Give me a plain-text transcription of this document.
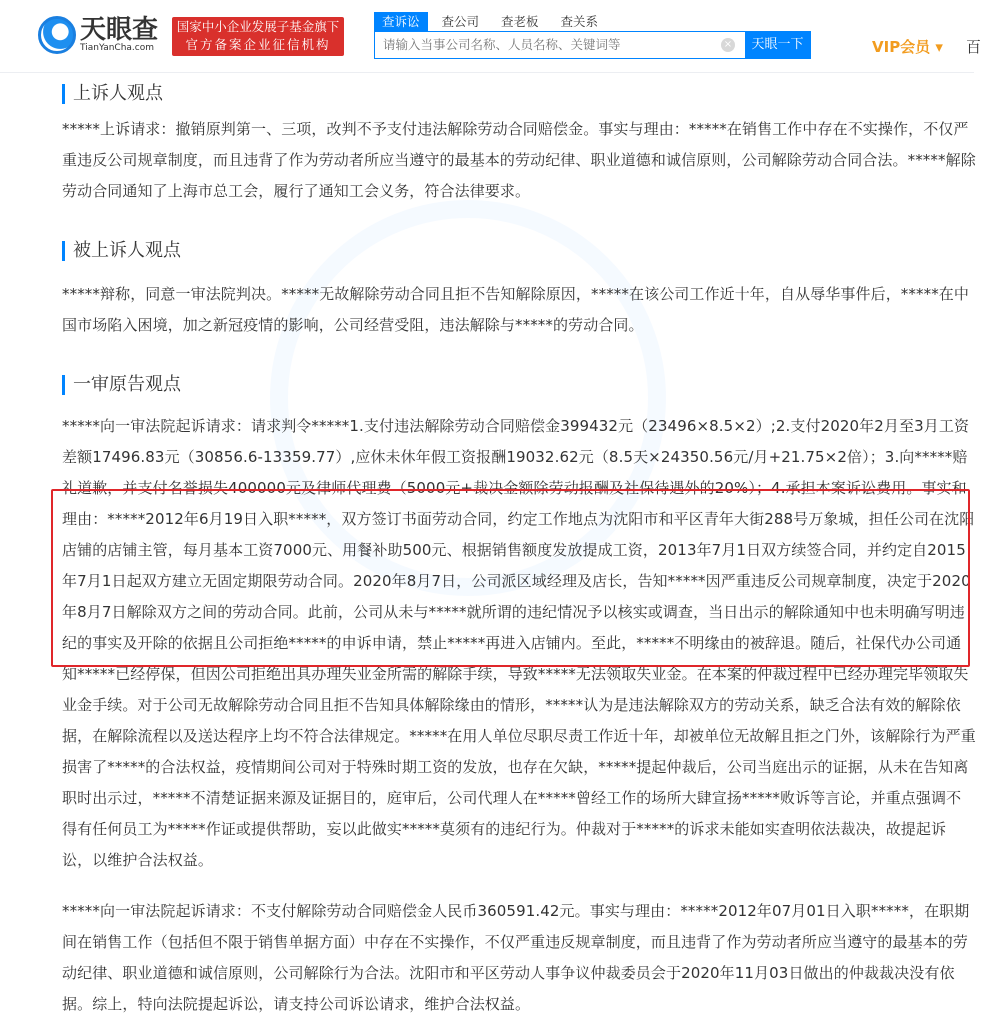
天眼查
TianYanCha.com
国家中小企业发展子基金旗下
官方备案企业征信机构
查诉讼	查公司	查老板	查关系
请输入当事公司名称、人员名称、关键词等
×	天眼一下	VIP会员 ▾ 百
上诉人观点

*****上诉请求：撤销原判第一、三项，改判不予支付违法解除劳动合同赔偿金。事实与理由：*****在销售工作中存在不实操作，不仅严重违反公司规章制度，而且违背了作为劳动者所应当遵守的最基本的劳动纪律、职业道德和诚信原则，公司解除劳动合同合法。*****解除劳动合同通知了上海市总工会，履行了通知工会义务，符合法律要求。

被上诉人观点

*****辩称，同意一审法院判决。*****无故解除劳动合同且拒不告知解除原因，*****在该公司工作近十年，自从辱华事件后，*****在中国市场陷入困境，加之新冠疫情的影响，公司经营受阻，违法解除与*****的劳动合同。

一审原告观点

*****向一审法院起诉请求：请求判令*****1.支付违法解除劳动合同赔偿金399432元（23496×8.5×2）;2.支付2020年2月至3月工资差额17496.83元（30856.6-13359.77）,应休未休年假工资报酬19032.62元（8.5天×24350.56元/月+21.75×2倍）；3.向*****赔礼道歉，并支付名誉损失400000元及律师代理费（5000元+裁决金额除劳动报酬及社保待遇外的20%）；4.承担本案诉讼费用。事实和理由：*****2012年6月19日入职*****，双方签订书面劳动合同，约定工作地点为沈阳市和平区青年大街288号万象城，担任公司在沈阳店铺的店铺主管，每月基本工资7000元、用餐补助500元、根据销售额度发放提成工资，2013年7月1日双方续签合同，并约定自2015年7月1日起双方建立无固定期限劳动合同。2020年8月7日，公司派区域经理及店长，告知*****因严重违反公司规章制度，决定于2020年8月7日解除双方之间的劳动合同。此前，公司从未与*****就所谓的违纪情况予以核实或调查，当日出示的解除通知中也未明确写明违纪的事实及开除的依据且公司拒绝*****的申诉申请，禁止*****再进入店铺内。至此，*****不明缘由的被辞退。随后，社保代办公司通知*****已经停保，但因公司拒绝出具办理失业金所需的解除手续，导致*****无法领取失业金。在本案的仲裁过程中已经办理完毕领取失业金手续。对于公司无故解除劳动合同且拒不告知具体解除缘由的情形，*****认为是违法解除双方的劳动关系，缺乏合法有效的解除依据，在解除流程以及送达程序上均不符合法律规定。*****在用人单位尽职尽责工作近十年，却被单位无故解且拒之门外，该解除行为严重损害了*****的合法权益，疫情期间公司对于特殊时期工资的发放，也存在欠缺，*****提起仲裁后，公司当庭出示的证据，从未在告知离职时出示过，*****不清楚证据来源及证据目的，庭审后，公司代理人在*****曾经工作的场所大肆宣扬*****败诉等言论，并重点强调不得有任何员工为*****作证或提供帮助，妄以此做实*****莫须有的违纪行为。仲裁对于*****的诉求未能如实查明依法裁决，故提起诉讼，以维护合法权益。

*****向一审法院起诉请求：不支付解除劳动合同赔偿金人民币360591.42元。事实与理由：*****2012年07月01日入职*****，在职期间在销售工作（包括但不限于销售单据方面）中存在不实操作，不仅严重违反规章制度，而且违背了作为劳动者所应当遵守的最基本的劳动纪律、职业道德和诚信原则，公司解除行为合法。沈阳市和平区劳动人事争议仲裁委员会于2020年11月03日做出的仲裁裁决没有依据。综上，特向法院提起诉讼，请支持公司诉讼请求，维护合法权益。
